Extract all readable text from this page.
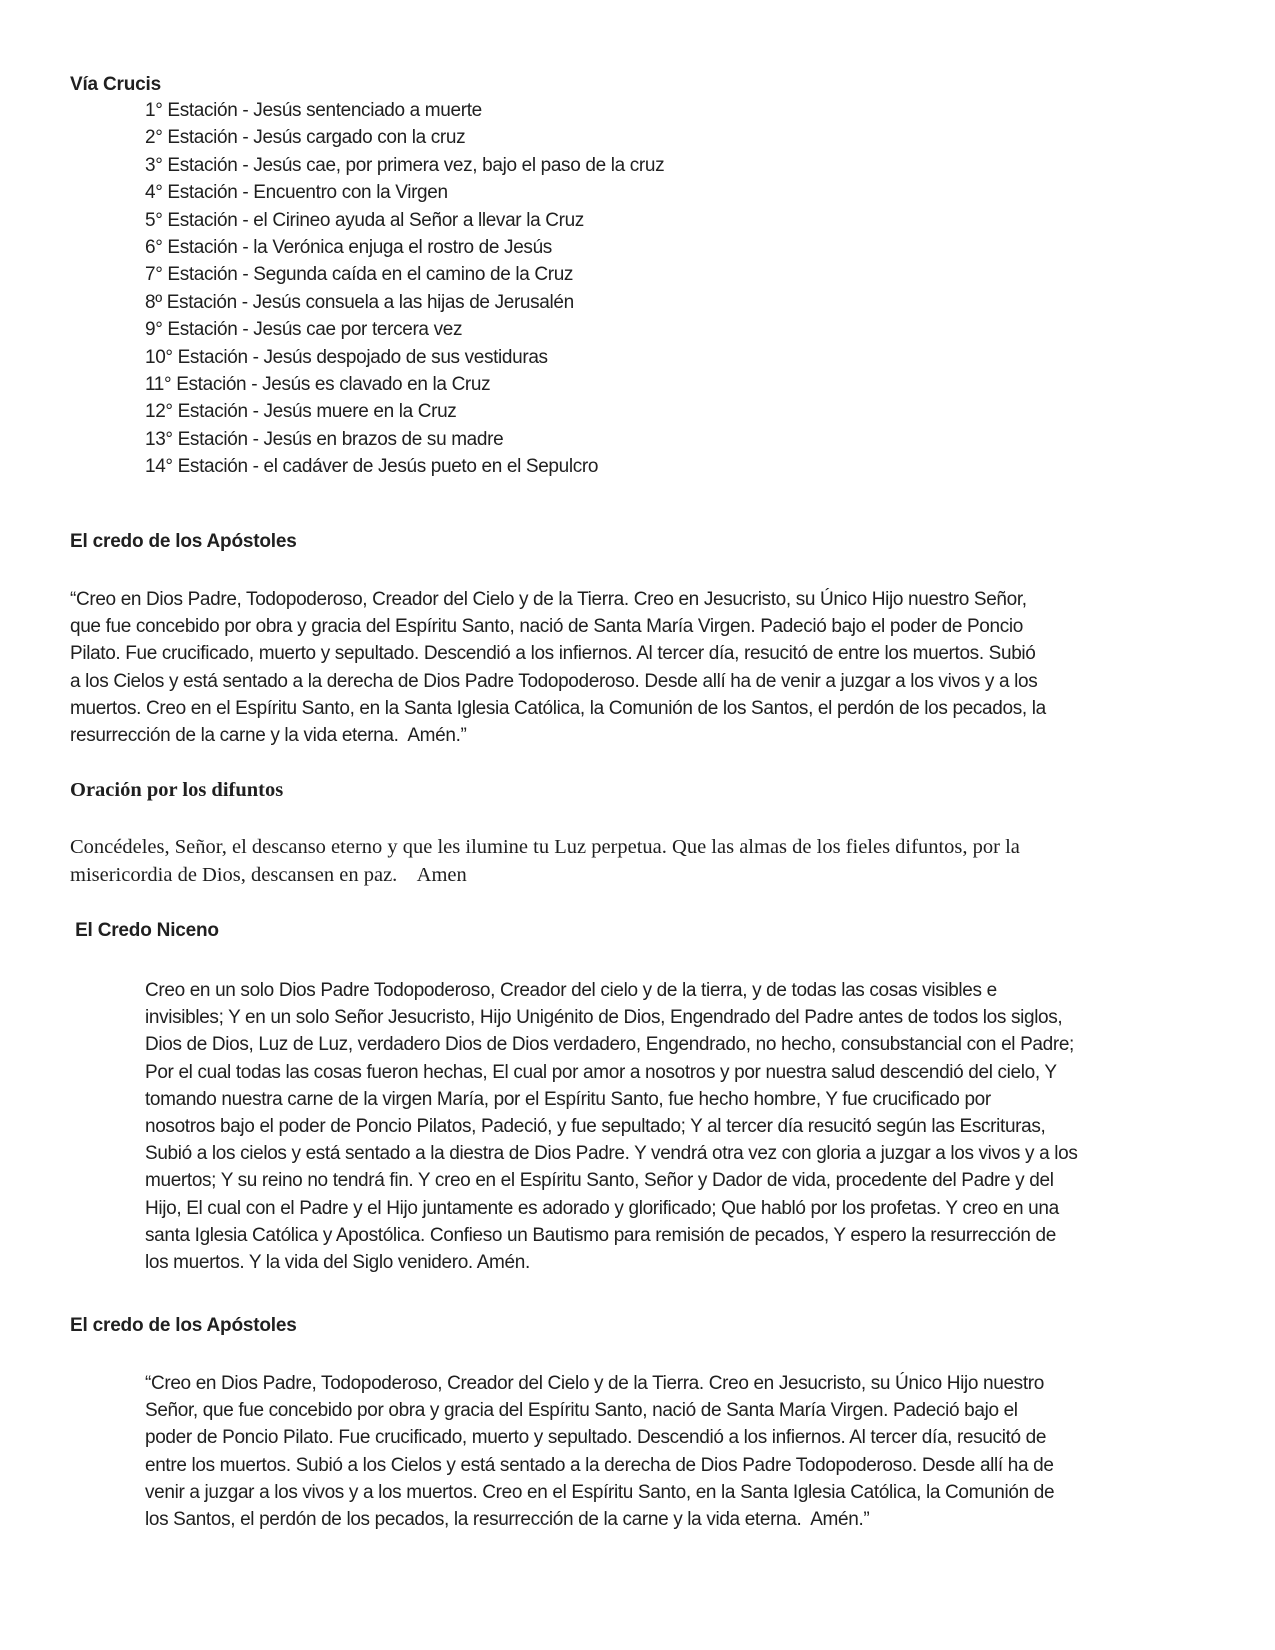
Vía Crucis
1° Estación - Jesús sentenciado a muerte
2° Estación - Jesús cargado con la cruz
3° Estación - Jesús cae, por primera vez, bajo el paso de la cruz
4° Estación - Encuentro con la Virgen
5° Estación - el Cirineo ayuda al Señor a llevar la Cruz
6° Estación - la Verónica enjuga el rostro de Jesús
7° Estación - Segunda caída en el camino de la Cruz
8º Estación - Jesús consuela a las hijas de Jerusalén
9° Estación - Jesús cae por tercera vez
10° Estación - Jesús despojado de sus vestiduras
11° Estación - Jesús es clavado en la Cruz
12° Estación - Jesús muere en la Cruz
13° Estación - Jesús en brazos de su madre
14° Estación - el cadáver de Jesús pueto en el Sepulcro
El credo de los Apóstoles
“Creo en Dios Padre, Todopoderoso, Creador del Cielo y de la Tierra. Creo en Jesucristo, su Único Hijo nuestro Señor,
que fue concebido por obra y gracia del Espíritu Santo, nació de Santa María Virgen. Padeció bajo el poder de Poncio
Pilato. Fue crucificado, muerto y sepultado. Descendió a los infiernos. Al tercer día, resucitó de entre los muertos. Subió
a los Cielos y está sentado a la derecha de Dios Padre Todopoderoso. Desde allí ha de venir a juzgar a los vivos y a los
muertos. Creo en el Espíritu Santo, en la Santa Iglesia Católica, la Comunión de los Santos, el perdón de los pecados, la
resurrección de la carne y la vida eterna.  Amén.”
Oración por los difuntos
Concédeles, Señor, el descanso eterno y que les ilumine tu Luz perpetua. Que las almas de los fieles difuntos, por la
misericordia de Dios, descansen en paz.    Amen
El Credo Niceno
Creo en un solo Dios Padre Todopoderoso, Creador del cielo y de la tierra, y de todas las cosas visibles e
invisibles; Y en un solo Señor Jesucristo, Hijo Unigénito de Dios, Engendrado del Padre antes de todos los siglos,
Dios de Dios, Luz de Luz, verdadero Dios de Dios verdadero, Engendrado, no hecho, consubstancial con el Padre;
Por el cual todas las cosas fueron hechas, El cual por amor a nosotros y por nuestra salud descendió del cielo, Y
tomando nuestra carne de la virgen María, por el Espíritu Santo, fue hecho hombre, Y fue crucificado por
nosotros bajo el poder de Poncio Pilatos, Padeció, y fue sepultado; Y al tercer día resucitó según las Escrituras,
Subió a los cielos y está sentado a la diestra de Dios Padre. Y vendrá otra vez con gloria a juzgar a los vivos y a los
muertos; Y su reino no tendrá fin. Y creo en el Espíritu Santo, Señor y Dador de vida, procedente del Padre y del
Hijo, El cual con el Padre y el Hijo juntamente es adorado y glorificado; Que habló por los profetas. Y creo en una
santa Iglesia Católica y Apostólica. Confieso un Bautismo para remisión de pecados, Y espero la resurrección de
los muertos. Y la vida del Siglo venidero. Amén.
El credo de los Apóstoles
“Creo en Dios Padre, Todopoderoso, Creador del Cielo y de la Tierra. Creo en Jesucristo, su Único Hijo nuestro
Señor, que fue concebido por obra y gracia del Espíritu Santo, nació de Santa María Virgen. Padeció bajo el
poder de Poncio Pilato. Fue crucificado, muerto y sepultado. Descendió a los infiernos. Al tercer día, resucitó de
entre los muertos. Subió a los Cielos y está sentado a la derecha de Dios Padre Todopoderoso. Desde allí ha de
venir a juzgar a los vivos y a los muertos. Creo en el Espíritu Santo, en la Santa Iglesia Católica, la Comunión de
los Santos, el perdón de los pecados, la resurrección de la carne y la vida eterna.  Amén.”
